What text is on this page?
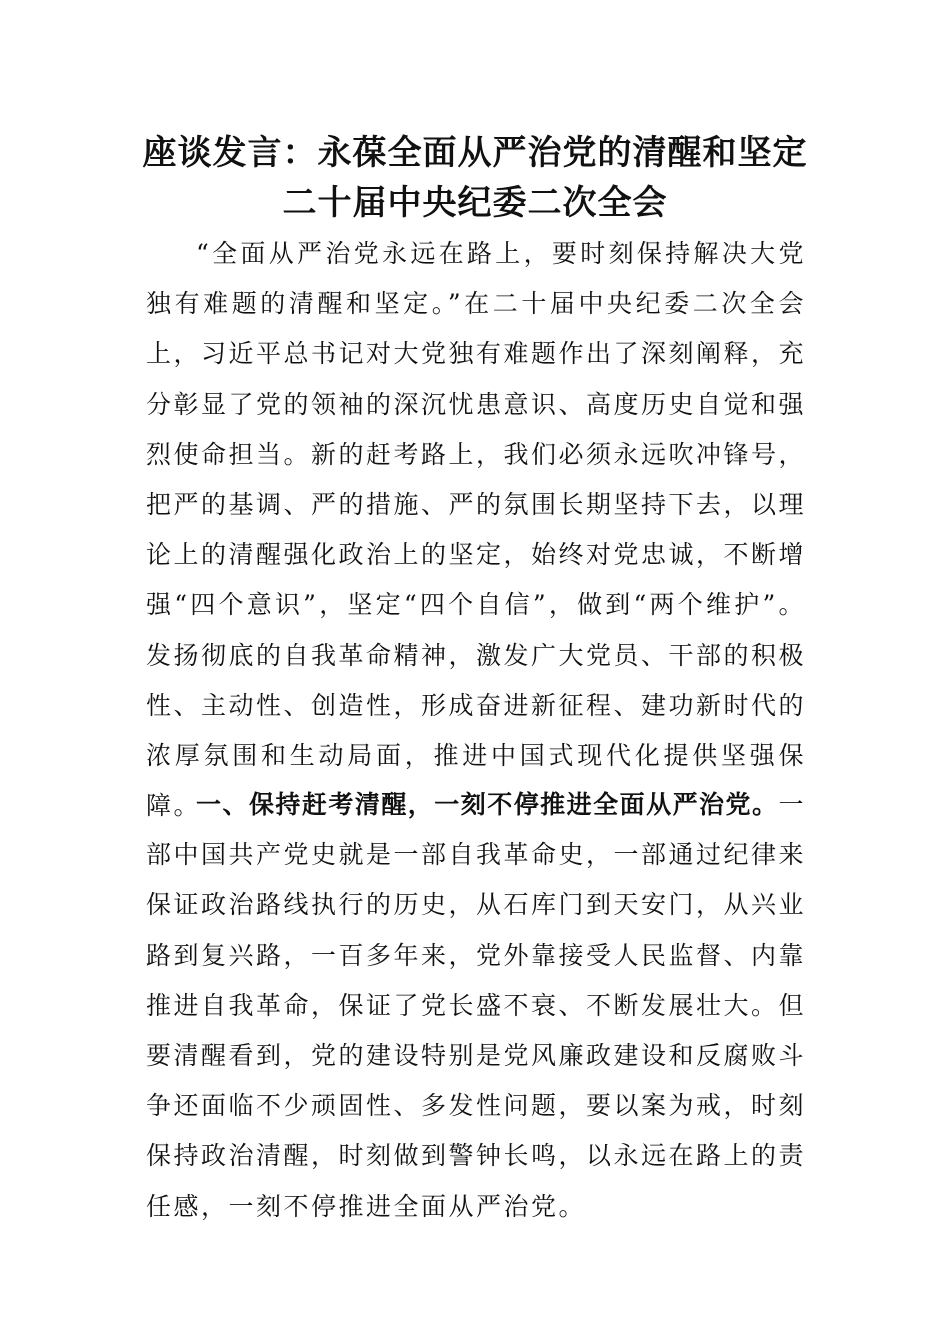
座谈发言：永葆全面从严治党的清醒和坚定二十届中央纪委二次全会

“全面从严治党永远在路上，要时刻保持解决大党独有难题的清醒和坚定。”在二十届中央纪委二次全会上，习近平总书记对大党独有难题作出了深刻阐释，充分彰显了党的领袖的深沉忧患意识、高度历史自觉和强烈使命担当。新的赶考路上，我们必须永远吹冲锋号，把严的基调、严的措施、严的氛围长期坚持下去，以理论上的清醒强化政治上的坚定，始终对党忠诚，不断增强“四个意识”，坚定“四个自信”，做到“两个维护”。发扬彻底的自我革命精神，激发广大党员、干部的积极性、主动性、创造性，形成奋进新征程、建功新时代的浓厚氛围和生动局面，推进中国式现代化提供坚强保障。

一、保持赶考清醒，一刻不停推进全面从严治党。一部中国共产党史就是一部自我革命史，一部通过纪律来保证政治路线执行的历史，从石库门到天安门，从兴业路到复兴路，一百多年来，党外靠接受人民监督、内靠推进自我革命，保证了党长盛不衰、不断发展壮大。但要清醒看到，党的建设特别是党风廉政建设和反腐败斗争还面临不少顽固性、多发性问题，要以案为戒，时刻保持政治清醒，时刻做到警钟长鸣，以永远在路上的责任感，一刻不停推进全面从严治党。
